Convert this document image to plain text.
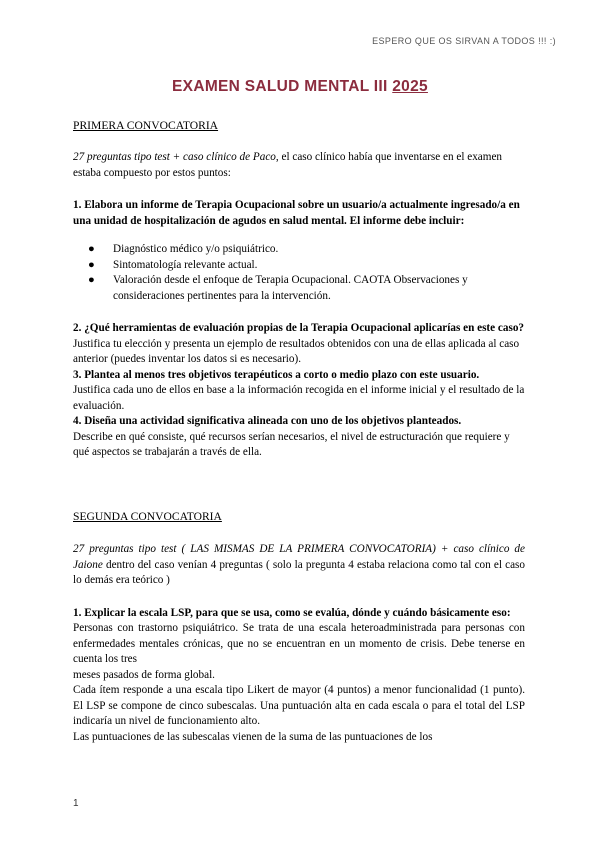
ESPERO QUE OS SIRVAN A TODOS !!! :)
EXAMEN SALUD MENTAL III 2025
PRIMERA CONVOCATORIA

27 preguntas tipo test + caso clínico de Paco, el caso clínico había que inventarse en el examen estaba compuesto por estos puntos:

1. Elabora un informe de Terapia Ocupacional sobre un usuario/a actualmente ingresado/a en una unidad de hospitalización de agudos en salud mental. El informe debe incluir:

● Diagnóstico médico y/o psiquiátrico.
● Sintomatología relevante actual.
● Valoración desde el enfoque de Terapia Ocupacional. CAOTA Observaciones y consideraciones pertinentes para la intervención.

2. ¿Qué herramientas de evaluación propias de la Terapia Ocupacional aplicarías en este caso?

Justifica tu elección y presenta un ejemplo de resultados obtenidos con una de ellas aplicada al caso anterior (puedes inventar los datos si es necesario).

3. Plantea al menos tres objetivos terapéuticos a corto o medio plazo con este usuario.

Justifica cada uno de ellos en base a la información recogida en el informe inicial y el resultado de la evaluación.

4. Diseña una actividad significativa alineada con uno de los objetivos planteados.

Describe en qué consiste, qué recursos serían necesarios, el nivel de estructuración que requiere y qué aspectos se trabajarán a través de ella.

SEGUNDA CONVOCATORIA

27 preguntas tipo test ( LAS MISMAS DE LA PRIMERA CONVOCATORIA) + caso clínico de Jaione dentro del caso venían 4 preguntas ( solo la pregunta 4 estaba relaciona como tal con el caso lo demás era teórico )

1. Explicar la escala LSP, para que se usa, como se evalúa, dónde y cuándo básicamente eso:

Personas con trastorno psiquiátrico. Se trata de una escala heteroadministrada para personas con enfermedades mentales crónicas, que no se encuentran en un momento de crisis. Debe tenerse en cuenta los tres

meses pasados de forma global.

Cada ítem responde a una escala tipo Likert de mayor (4 puntos) a menor funcionalidad (1 punto). El LSP se compone de cinco subescalas. Una puntuación alta en cada escala o para el total del LSP indicaría un nivel de funcionamiento alto.

Las puntuaciones de las subescalas vienen de la suma de las puntuaciones de los

1
